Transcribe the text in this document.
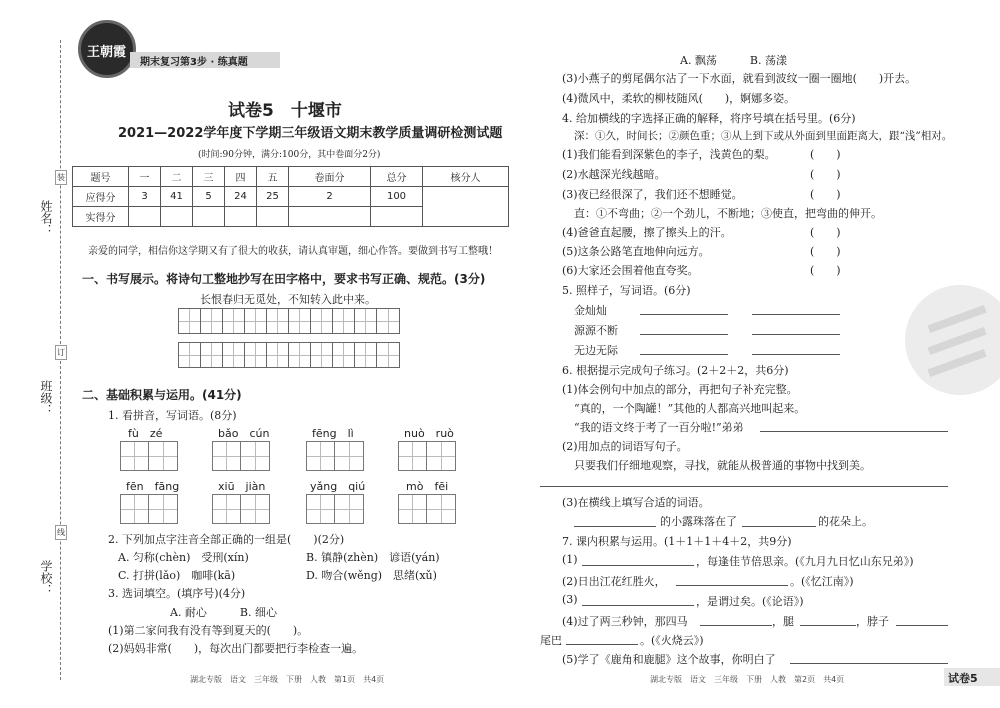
姓名：
班级：
学校：
装
订
线
王朝霞
期末复习第3步 · 练真题
试卷5　十堰市
2021—2022学年度下学期三年级语文期末教学质量调研检测试题
(时间:90分钟，满分:100分，其中卷面分2分)
题号	一	二	三	四	五	卷面分	总分	核分人
应得分	3	41	5	24	25	2	100	
实得分								
亲爱的同学，相信你这学期又有了很大的收获，请认真审题，细心作答。要做到书写工整哦！
一、书写展示。将诗句工整地抄写在田字格中，要求书写正确、规范。(3分)
长恨春归无觅处，不知转入此中来。
二、基础积累与运用。(41分)
1. 看拼音，写词语。(8分)
fù　zé	bǎo　cún	fēng　lì	nuò　ruò
fēn　fāng	xiū　jiàn	yǎng　qiú	mò　fēi
2. 下列加点字注音全部正确的一组是(　　)(2分)
A. 匀称(chèn)　受刑(xín)	B. 镇静(zhèn)　谚语(yán)
C. 打拼(lǎo)　咖啡(kā)	D. 吻合(wěng)　思绪(xǔ)
3. 选词填空。(填序号)(4分)
A. 耐心　　　B. 细心
(1)第二家问我有没有等到夏天的(　　)。
(2)妈妈非常(　　)，每次出门都要把行李检查一遍。
湖北专版　语文　三年级　下册　人教　第1页　共4页
A. 飘荡　　　B. 荡漾
(3)小燕子的剪尾偶尔沾了一下水面，就看到波纹一圈一圈地(　　)开去。
(4)微风中，柔软的柳枝随风(　　)，婀娜多姿。
4. 给加横线的字选择正确的解释，将序号填在括号里。(6分)
深：①久，时间长；②颜色重；③从上到下或从外面到里面距离大，跟“浅”相对。
(1)我们能看到深紫色的李子，浅黄色的梨。	(　　)
(2)水越深光线越暗。	(　　)
(3)夜已经很深了，我们还不想睡觉。	(　　)
直：①不弯曲；②一个劲儿，不断地；③使直，把弯曲的伸开。
(4)爸爸直起腰，擦了擦头上的汗。	(　　)
(5)这条公路笔直地伸向远方。	(　　)
(6)大家还会围着他直夸奖。	(　　)
5. 照样子，写词语。(6分)
金灿灿
源源不断
无边无际
6. 根据提示完成句子练习。(2＋2＋2，共6分)
(1)体会例句中加点的部分，再把句子补充完整。
“真的，一个陶罐！”其他的人都高兴地叫起来。
“我的语文终于考了一百分啦!”弟弟
(2)用加点的词语写句子。
只要我们仔细地观察，寻找，就能从极普通的事物中找到美。
(3)在横线上填写合适的词语。
的小露珠落在了	的花朵上。
7. 课内积累与运用。(1＋1＋1＋4＋2，共9分)
(1)	，每逢佳节倍思亲。(《九月九日忆山东兄弟》)
(2)日出江花红胜火，	。(《忆江南》)
(3)	，是谓过矣。(《论语》)
(4)过了两三秒钟，那四马	，腿	，脖子
尾巴	。(《火烧云》)
(5)学了《鹿角和鹿腿》这个故事，你明白了
湖北专版　语文　三年级　下册　人教　第2页　共4页	试卷5
